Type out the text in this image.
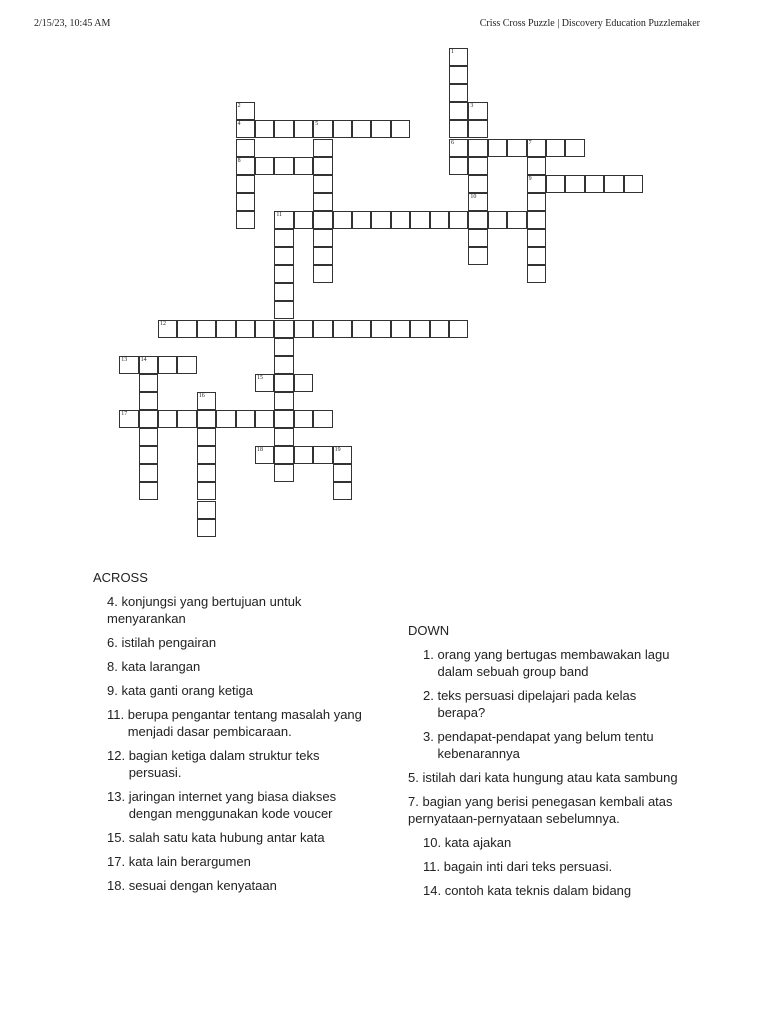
2/15/23, 10:45 AM	Criss Cross Puzzle | Discovery Education Puzzlemaker
1
6
2
4
8
3
5
7
9
10
11
12
13 14
15
16
17
18	19
ACROSS
4. konjungsi yang bertujuan untuk menyarankan
6. istilah pengairan
8. kata larangan
9. kata ganti orang ketiga
11. berupa pengantar tentang masalah yang menjadi dasar pembicaraan.
12. bagian ketiga dalam struktur teks persuasi.
13. jaringan internet yang biasa diakses dengan menggunakan kode voucer
15. salah satu kata hubung antar kata
17. kata lain berargumen
18. sesuai dengan kenyataan
DOWN
1. orang yang bertugas membawakan lagu dalam sebuah group band
2. teks persuasi dipelajari pada kelas berapa?
3. pendapat-pendapat yang belum tentu kebenarannya
5. istilah dari kata hungung atau kata sambung
7. bagian yang berisi penegasan kembali atas pernyataan-pernyataan sebelumnya.
10. kata ajakan
11. bagain inti dari teks persuasi.
14. contoh kata teknis dalam bidang
